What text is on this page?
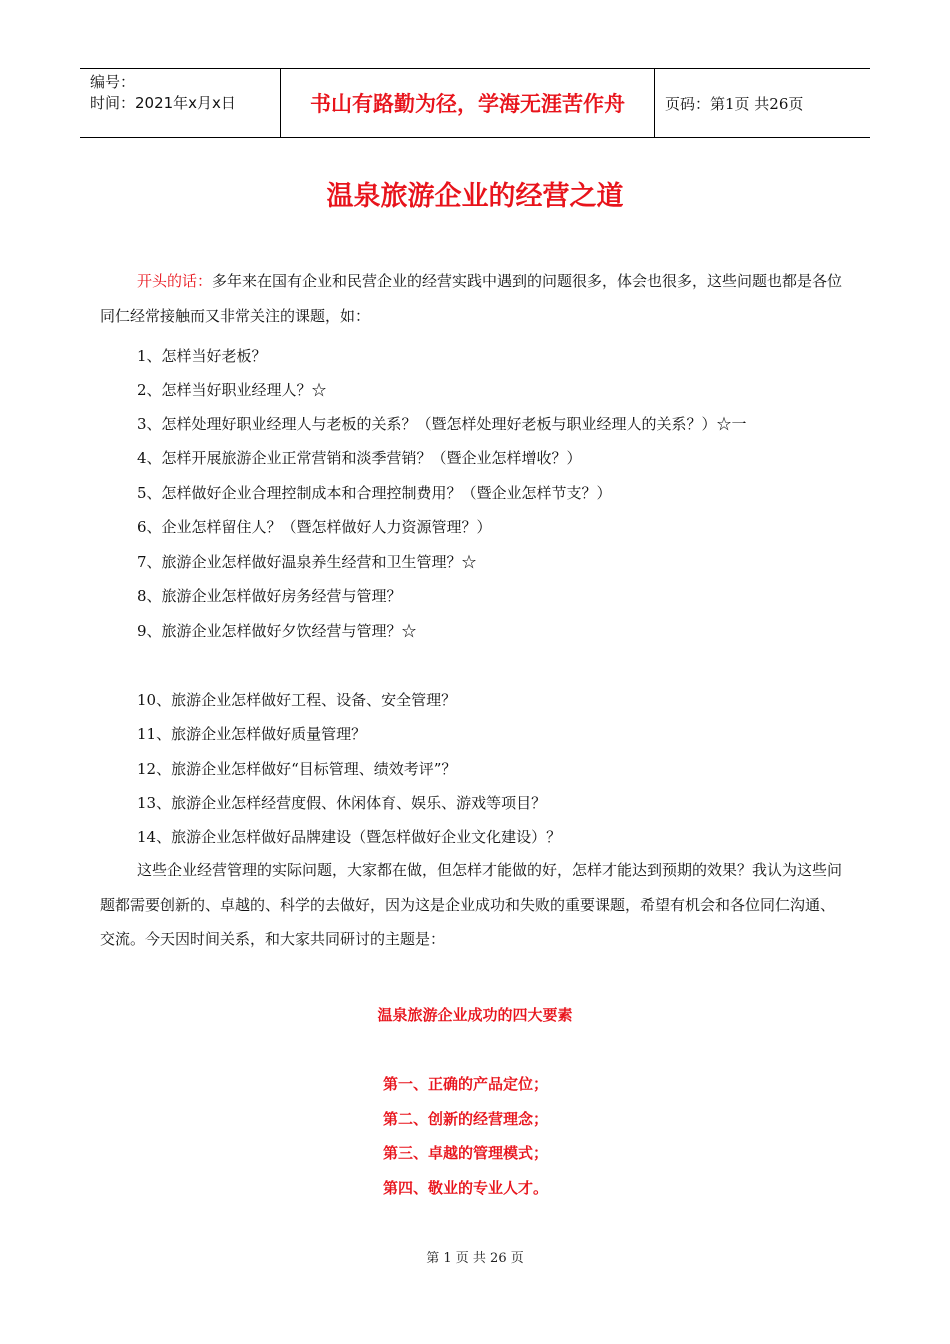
编号：
时间：2021年x月x日	书山有路勤为径，学海无涯苦作舟	页码：第1页 共26页
温泉旅游企业的经营之道
开头的话：多年来在国有企业和民营企业的经营实践中遇到的问题很多，体会也很多，这些问题也都是各位同仁经常接触而又非常关注的课题，如：
1、怎样当好老板？
2、怎样当好职业经理人？☆
3、怎样处理好职业经理人与老板的关系？（暨怎样处理好老板与职业经理人的关系？）☆一
4、怎样开展旅游企业正常营销和淡季营销？（暨企业怎样增收？）
5、怎样做好企业合理控制成本和合理控制费用？（暨企业怎样节支？）
6、企业怎样留住人？（暨怎样做好人力资源管理？）
7、旅游企业怎样做好温泉养生经营和卫生管理？☆
8、旅游企业怎样做好房务经营与管理？
9、旅游企业怎样做好夕饮经营与管理？☆
10、旅游企业怎样做好工程、设备、安全管理？
11、旅游企业怎样做好质量管理？
12、旅游企业怎样做好“目标管理、绩效考评”？
13、旅游企业怎样经营度假、休闲体育、娱乐、游戏等项目？
14、旅游企业怎样做好品牌建设（暨怎样做好企业文化建设）？
这些企业经营管理的实际问题，大家都在做，但怎样才能做的好，怎样才能达到预期的效果？我认为这些问题都需要创新的、卓越的、科学的去做好，因为这是企业成功和失败的重要课题，希望有机会和各位同仁沟通、交流。今天因时间关系，和大家共同研讨的主题是：
温泉旅游企业成功的四大要素
第一、正确的产品定位；
第二、创新的经营理念；
第三、卓越的管理模式；
第四、敬业的专业人才。
第 1 页 共 26 页
